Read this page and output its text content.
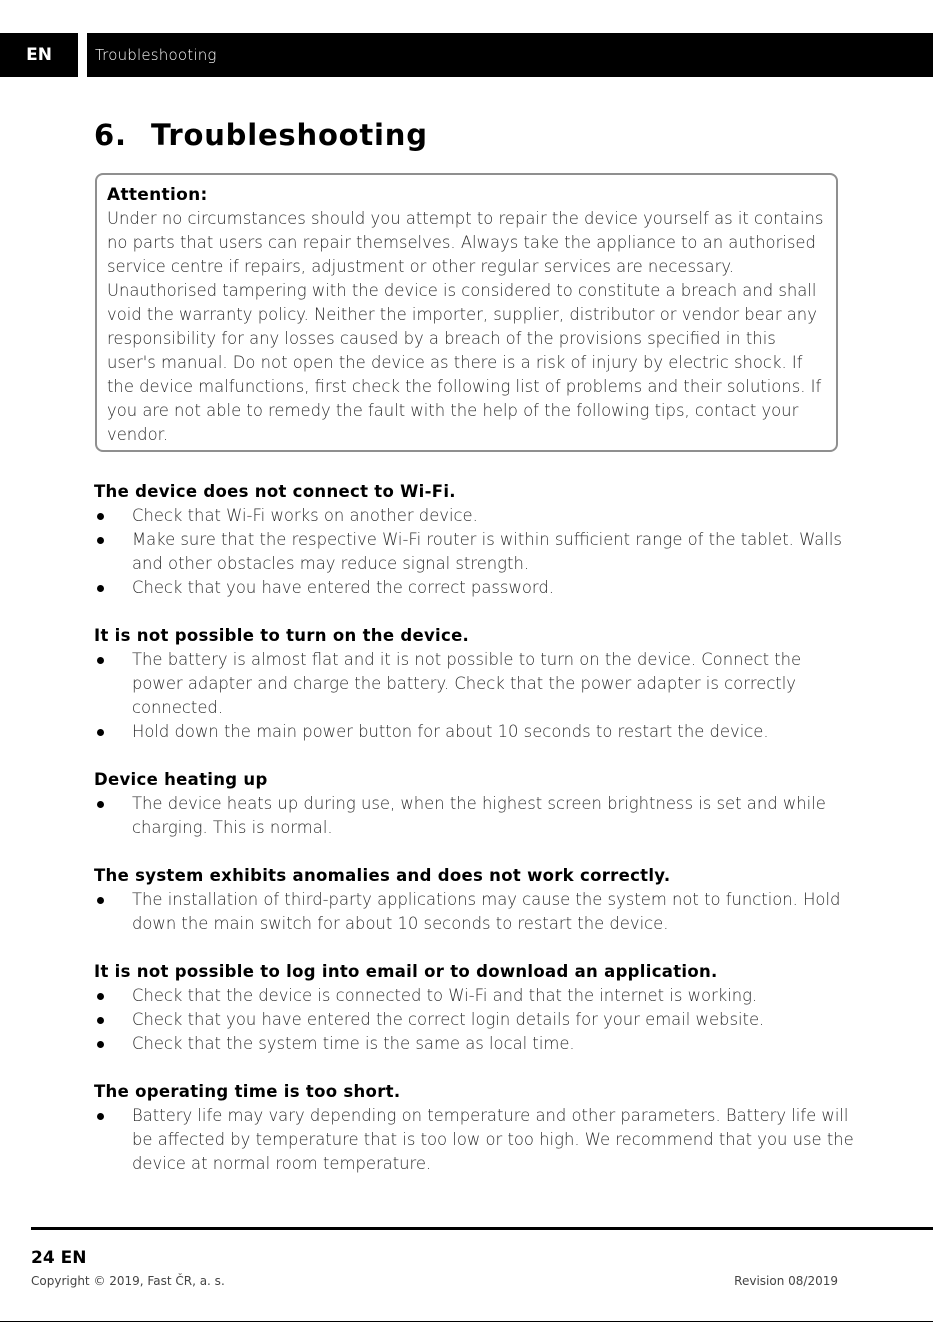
EN	Troubleshooting
6. Troubleshooting
Attention:
Under no circumstances should you attempt to repair the device yourself as it contains no parts that users can repair themselves. Always take the appliance to an authorised service centre if repairs, adjustment or other regular services are necessary. Unauthorised tampering with the device is considered to constitute a breach and shall void the warranty policy. Neither the importer, supplier, distributor or vendor bear any responsibility for any losses caused by a breach of the provisions specified in this user's manual. Do not open the device as there is a risk of injury by electric shock. If the device malfunctions, first check the following list of problems and their solutions. If you are not able to remedy the fault with the help of the following tips, contact your vendor.
The device does not connect to Wi-Fi.
Check that Wi-Fi works on another device.
Make sure that the respective Wi-Fi router is within sufficient range of the tablet. Walls and other obstacles may reduce signal strength.
Check that you have entered the correct password.
It is not possible to turn on the device.
The battery is almost flat and it is not possible to turn on the device. Connect the power adapter and charge the battery. Check that the power adapter is correctly connected.
Hold down the main power button for about 10 seconds to restart the device.
Device heating up
The device heats up during use, when the highest screen brightness is set and while charging. This is normal.
The system exhibits anomalies and does not work correctly.
The installation of third-party applications may cause the system not to function. Hold down the main switch for about 10 seconds to restart the device.
It is not possible to log into email or to download an application.
Check that the device is connected to Wi-Fi and that the internet is working.
Check that you have entered the correct login details for your email website.
Check that the system time is the same as local time.
The operating time is too short.
Battery life may vary depending on temperature and other parameters. Battery life will be affected by temperature that is too low or too high. We recommend that you use the device at normal room temperature.
24 EN
Copyright © 2019, Fast ČR, a. s.	Revision 08/2019
